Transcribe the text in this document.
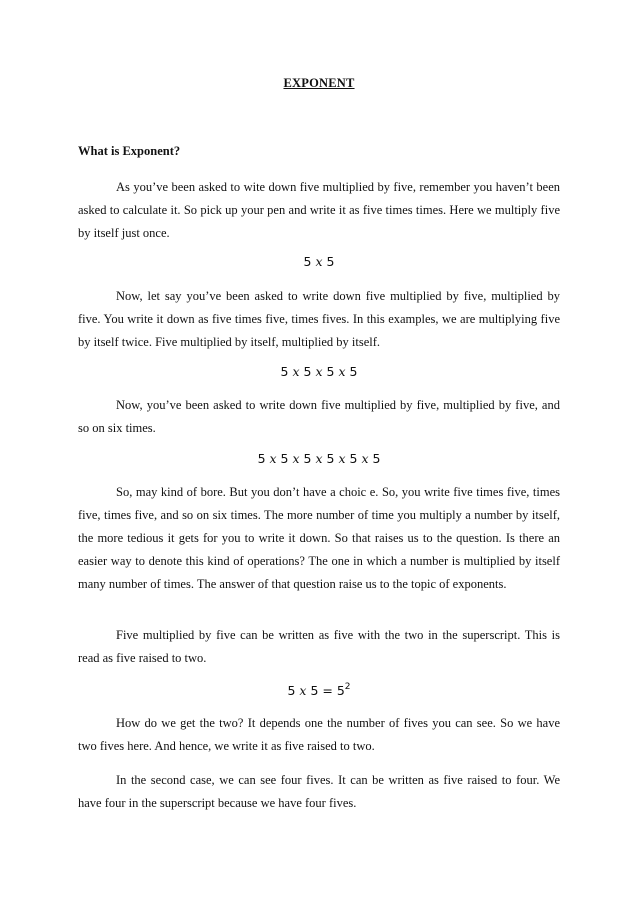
EXPONENT
What is Exponent?

As you’ve been asked to wite down five multiplied by five, remember you haven’t been asked to calculate it. So pick up your pen and write it as five times times. Here we multiply five by itself just once.

5 x 5

Now, let say you’ve been asked to write down five multiplied by five, multiplied by five. You write it down as five times five, times fives. In this examples, we are multiplying five by itself twice. Five multiplied by itself, multiplied by itself.

5 x 5 x 5 x 5

Now, you’ve been asked to write down five multiplied by five, multiplied by five, and so on six times.

5 x 5 x 5 x 5 x 5 x 5

So, may kind of bore. But you don’t have a choic e. So, you write five times five, times five, times five, and so on six times. The more number of time you multiply a number by itself, the more tedious it gets for you to write it down. So that raises us to the question. Is there an easier way to denote this kind of operations? The one in which a number is multiplied by itself many number of times. The answer of that question raise us to the topic of exponents.

Five multiplied by five can be written as five with the two in the superscript. This is read as five raised to two.

5 x $5 = 5^2$

How do we get the two? It depends one the number of fives you can see. So we have two fives here. And hence, we write it as five raised to two.

In the second case, we can see four fives. It can be written as five raised to four. We have four in the superscript because we have four fives.
